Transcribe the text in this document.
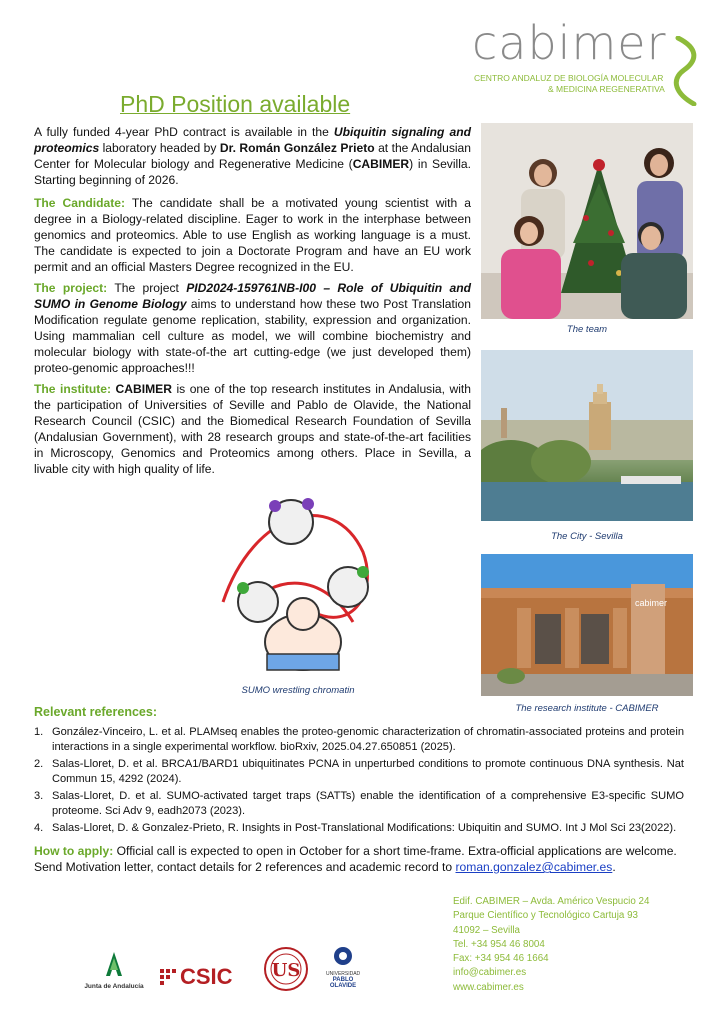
cabimer
CENTRO ANDALUZ DE BIOLOGÍA MOLECULAR
& MEDICINA REGENERATIVA
PhD Position available
A fully funded 4-year PhD contract is available in the Ubiquitin signaling and proteomics laboratory headed by Dr. Román González Prieto at the Andalusian Center for Molecular biology and Regenerative Medicine (CABIMER) in Sevilla. Starting beginning of 2026.
The Candidate: The candidate shall be a motivated young scientist with a degree in a Biology-related discipline. Eager to work in the interphase between genomics and proteomics. Able to use English as working language is a must. The candidate is expected to join a Doctorate Program and have an EU work permit and an official Masters Degree recognized in the EU.
The project: The project PID2024-159761NB-I00 – Role of Ubiquitin and SUMO in Genome Biology aims to understand how these two Post Translation Modification regulate genome replication, stability, expression and organization. Using mammalian cell culture as model, we will combine biochemistry and molecular biology with state-of-the art cutting-edge (we just developed them) proteo-genomic approaches!!!
The institute: CABIMER is one of the top research institutes in Andalusia, with the participation of Universities of Seville and Pablo de Olavide, the National Research Council (CSIC) and the Biomedical Research Foundation of Sevilla (Andalusian Government), with 28 research groups and state-of-the-art facilities in Microscopy, Genomics and Proteomics among others. Place in Sevilla, a livable city with high quality of life.
The team
The City - Sevilla
cabimer
The research institute - CABIMER
SUMO wrestling chromatin
Relevant references:
1. González-Vinceiro, L. et al. PLAMseq enables the proteo-genomic characterization of chromatin-associated proteins and protein interactions in a single experimental workflow. bioRxiv, 2025.04.27.650851 (2025).
2. Salas-Lloret, D. et al. BRCA1/BARD1 ubiquitinates PCNA in unperturbed conditions to promote continuous DNA synthesis. Nat Commun 15, 4292 (2024).
3. Salas-Lloret, D. et al. SUMO-activated target traps (SATTs) enable the identification of a comprehensive E3-specific SUMO proteome. Sci Adv 9, eadh2073 (2023).
4. Salas-Lloret, D. & Gonzalez-Prieto, R. Insights in Post-Translational Modifications: Ubiquitin and SUMO. Int J Mol Sci 23(2022).
How to apply: Official call is expected to open in October for a short time-frame. Extra-official applications are welcome. Send Motivation letter, contact details for 2 references and academic record to roman.gonzalez@cabimer.es.
Edif. CABIMER – Avda. Américo Vespucio 24
Parque Científico y Tecnológico Cartuja 93
41092 – Sevilla
Tel. +34 954 46 8004
Fax: +34 954 46 1664
info@cabimer.es
www.cabimer.es
Junta de Andalucía CSIC US	UNIVERSIDAD
PABLO OLAVIDE
